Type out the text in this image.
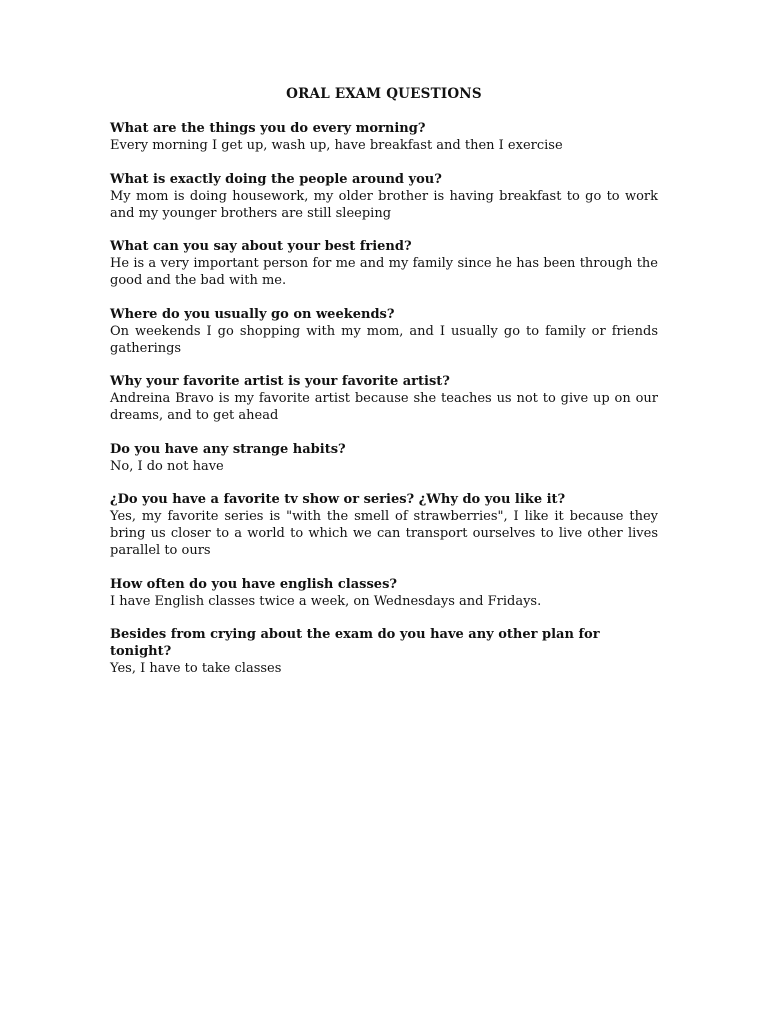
ORAL EXAM QUESTIONS
What are the things you do every morning?
Every morning I get up, wash up, have breakfast and then I exercise
What is exactly doing the people around you?
My mom is doing housework, my older brother is having breakfast to go to work and my younger brothers are still sleeping
What can you say about your best friend?
He is a very important person for me and my family since he has been through the good and the bad with me.
Where do you usually go on weekends?
On weekends I go shopping with my mom, and I usually go to family or friends gatherings
Why your favorite artist is your favorite artist?
Andreina Bravo is my favorite artist because she teaches us not to give up on our dreams, and to get ahead
Do you have any strange habits?
No, I do not have
¿Do you have a favorite tv show or series? ¿Why do you like it?
Yes, my favorite series is "with the smell of strawberries", I like it because they bring us closer to a world to which we can transport ourselves to live other lives parallel to ours
How often do you have english classes?
I have English classes twice a week, on Wednesdays and Fridays.
Besides from crying about the exam do you have any other plan for tonight?
Yes, I have to take classes
